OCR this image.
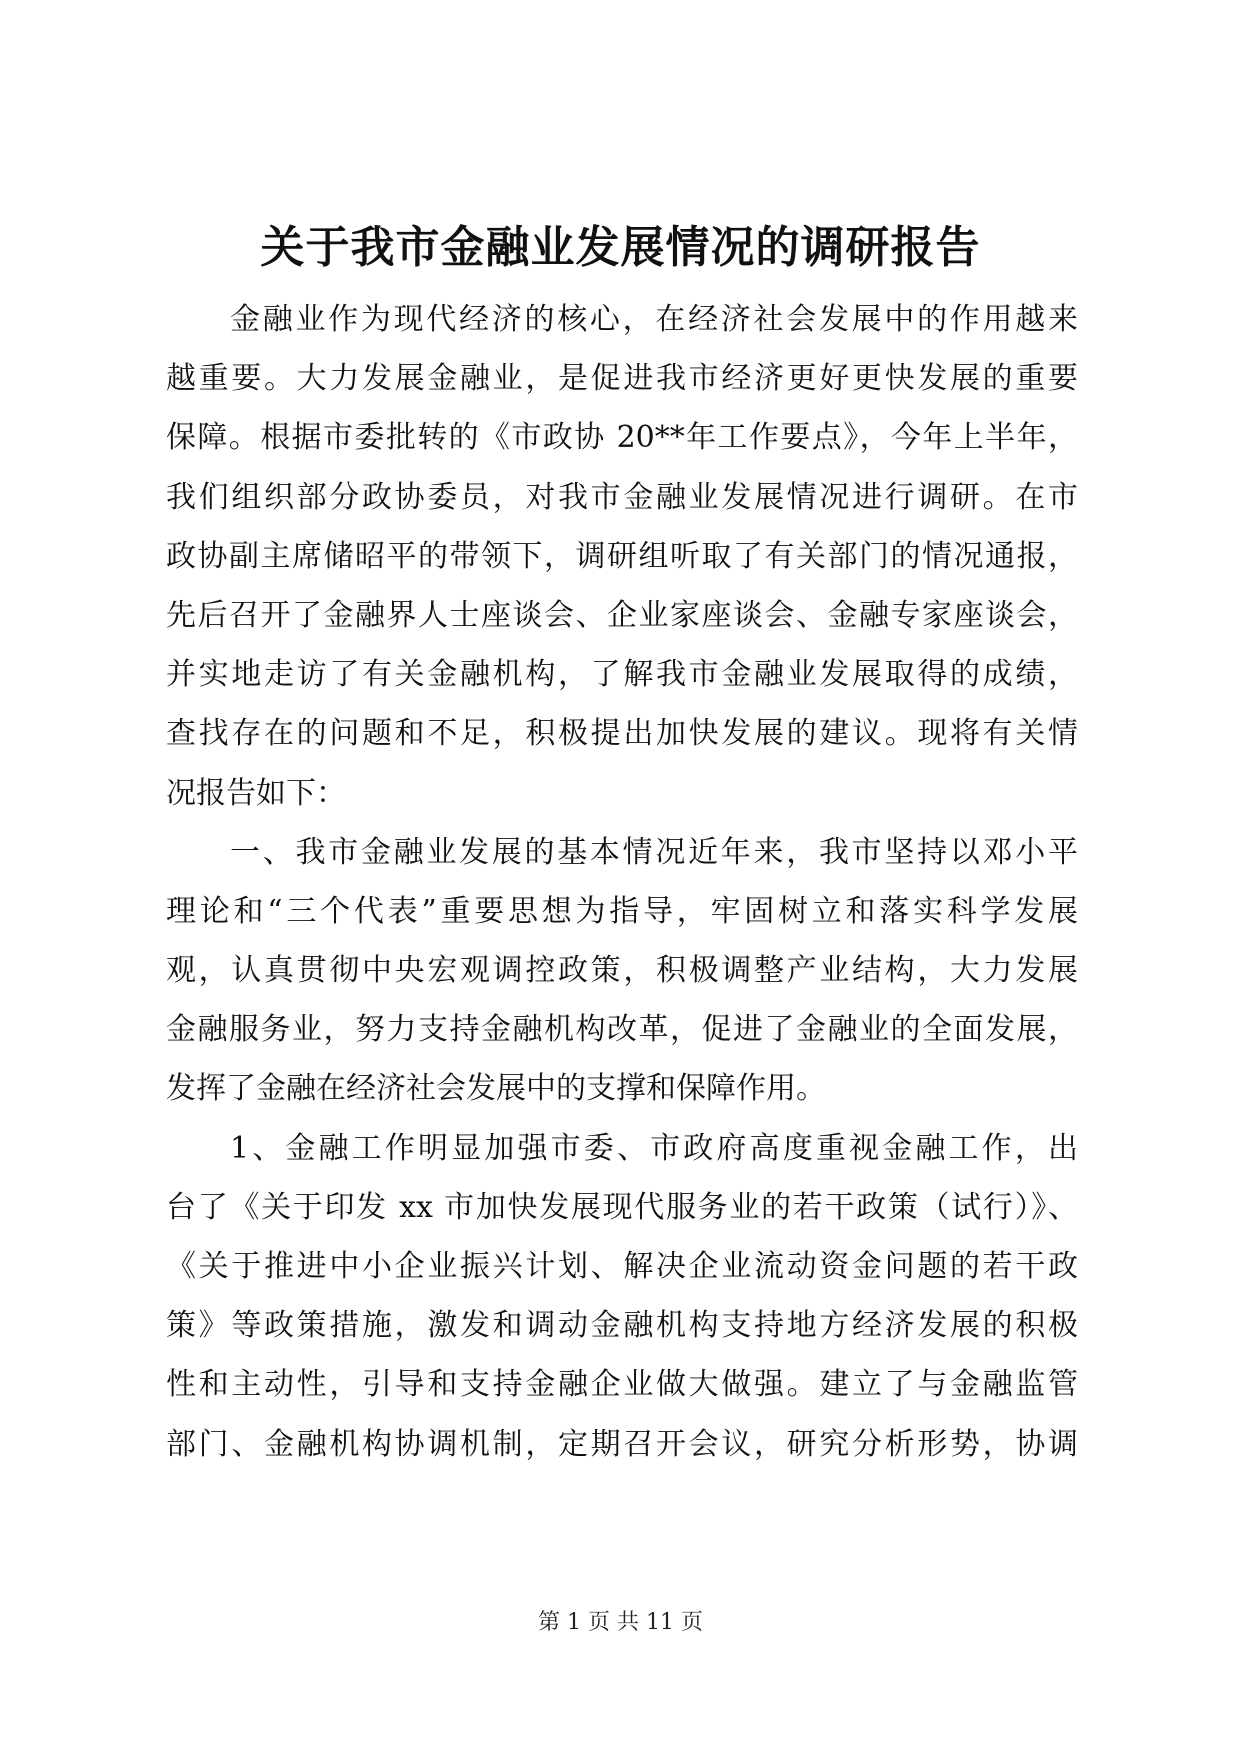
关于我市金融业发展情况的调研报告
金融业作为现代经济的核心，在经济社会发展中的作用越来
越重要。大力发展金融业，是促进我市经济更好更快发展的重要
保障。根据市委批转的《市政协 20**年工作要点》，今年上半年，
我们组织部分政协委员，对我市金融业发展情况进行调研。在市
政协副主席储昭平的带领下，调研组听取了有关部门的情况通报，
先后召开了金融界人士座谈会、企业家座谈会、金融专家座谈会，
并实地走访了有关金融机构，了解我市金融业发展取得的成绩，
查找存在的问题和不足，积极提出加快发展的建议。现将有关情
况报告如下：
一、我市金融业发展的基本情况近年来，我市坚持以邓小平
理论和“三个代表”重要思想为指导，牢固树立和落实科学发展
观，认真贯彻中央宏观调控政策，积极调整产业结构，大力发展
金融服务业，努力支持金融机构改革，促进了金融业的全面发展，
发挥了金融在经济社会发展中的支撑和保障作用。
1、金融工作明显加强市委、市政府高度重视金融工作，出
台了《关于印发 xx 市加快发展现代服务业的若干政策（试行）》、
《关于推进中小企业振兴计划、解决企业流动资金问题的若干政
策》等政策措施，激发和调动金融机构支持地方经济发展的积极
性和主动性，引导和支持金融企业做大做强。建立了与金融监管
部门、金融机构协调机制，定期召开会议，研究分析形势，协调
第 1 页 共 11 页
